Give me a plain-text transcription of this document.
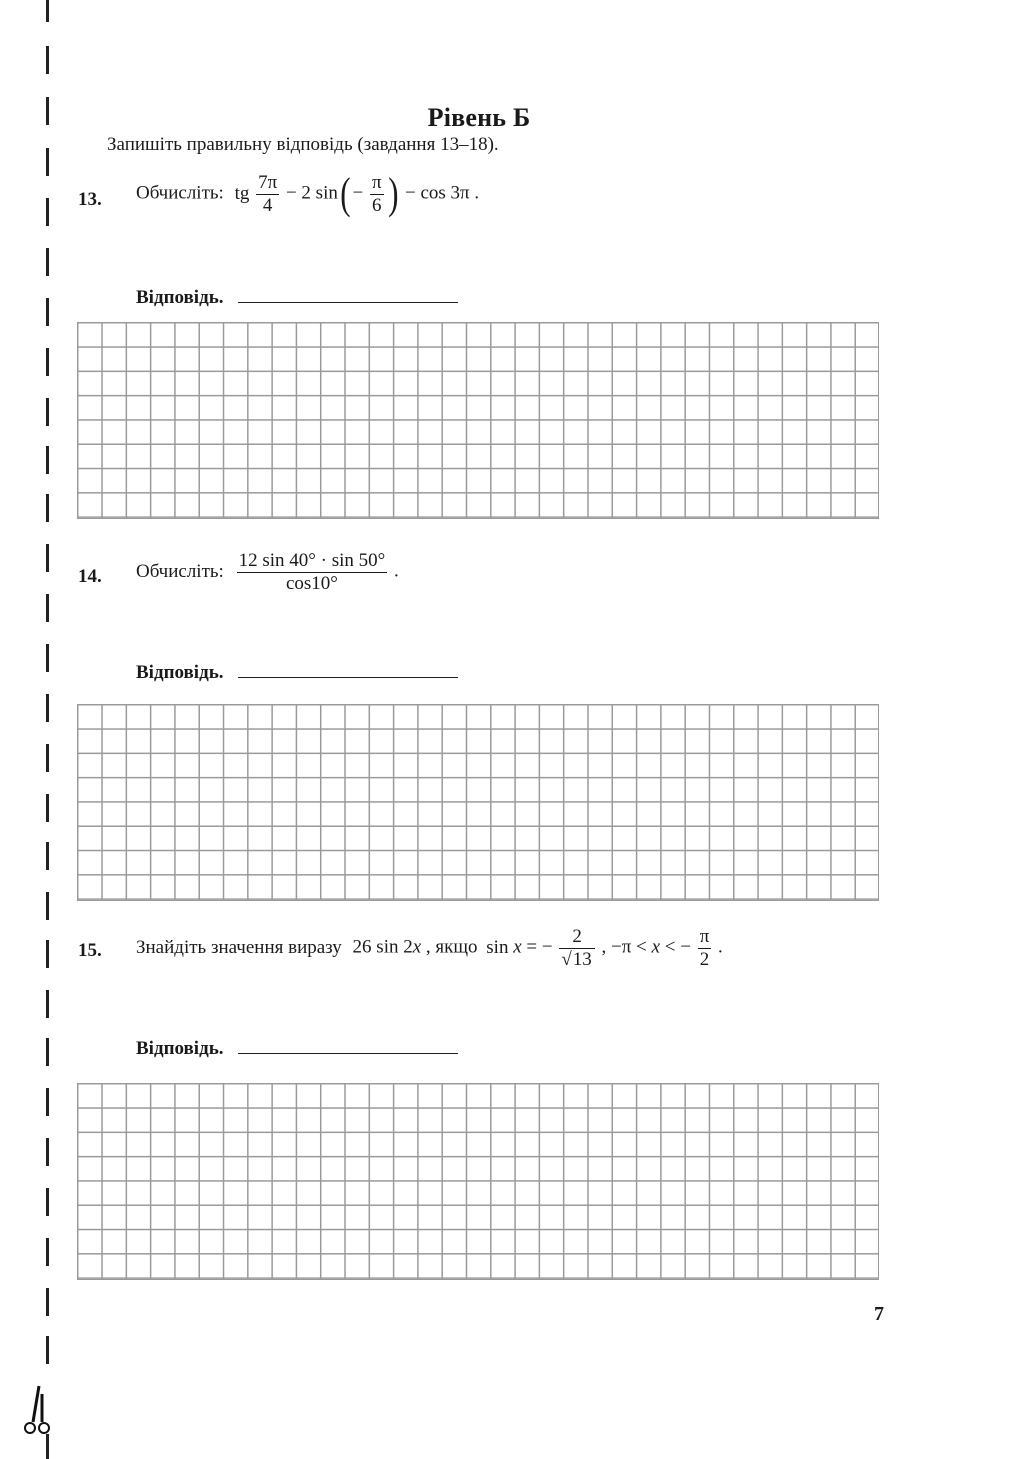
Рівень Б
Запишіть правильну відповідь (завдання 13–18).
13. Обчисліть: tg $\frac{7\pi}{4} - 2$ $\sin( - \frac{\pi}{6}$ ) − cos 3π .
Відповідь.
14. Обчисліть: $\frac{12 \sin 40^\circ \cdot \sin 50^\circ}{\cos 10^\circ}$ .
Відповідь.
15. Знайдіть значення виразу 26 sin 2x , якщо sin x = − $\frac{2}{√13}$ , −π < x < − $\frac{\pi}{2}$ .
Відповідь.
7
